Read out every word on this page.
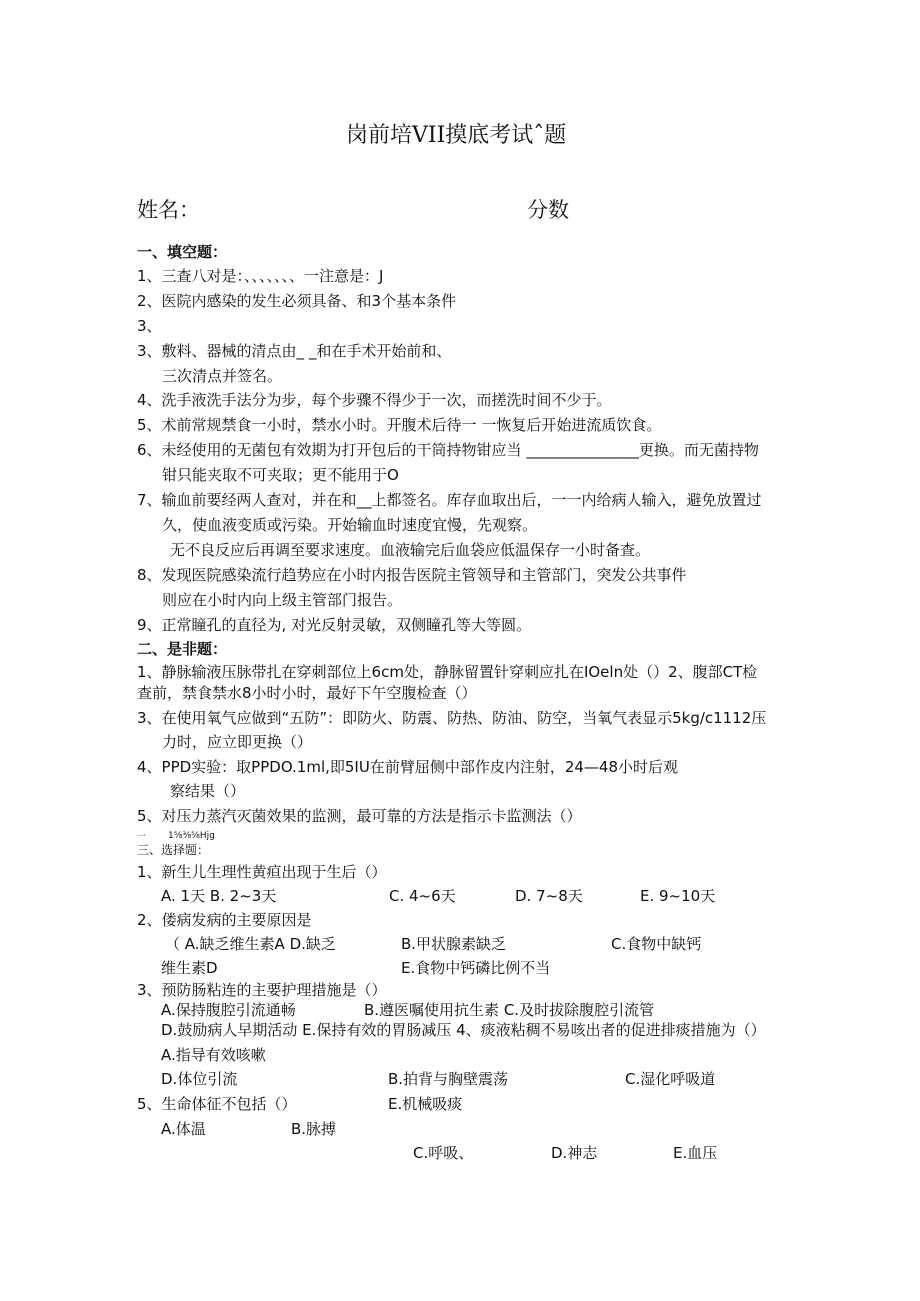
岗前培VII摸底考试ˆ题
姓名：	分数
一、填空题：
1、三查八对是：、、、、、、、一注意是：J
2、医院内感染的发生必须具备、和3个基本条件
3、
3、敷料、器械的清点由_ _和在手术开始前和、
三次清点并签名。
4、洗手液洗手法分为步，每个步骤不得少于一次，而搓洗时间不少于。
5、术前常规禁食一小时，禁水小时。开腹术后待一 一恢复后开始进流质饮食。
6、未经使用的无菌包有效期为打开包后的干筒持物钳应当 _______________更换。而无菌持物
钳只能夹取不可夹取；更不能用于O
7、输血前要经两人查对，并在和__上都签名。库存血取出后，一一内给病人输入，避免放置过
久，使血液变质或污染。开始输血时速度宜慢，先观察。
无不良反应后再调至要求速度。血液输完后血袋应低温保存一小时备查。
8、发现医院感染流行趋势应在小时内报告医院主管领导和主管部门，突发公共事件
则应在小时内向上级主管部门报告。
9、正常瞳孔的直径为, 对光反射灵敏，双侧瞳孔等大等圆。
二、是非题：
1、静脉输液压脉带扎在穿刺部位上6cm处，静脉留置针穿刺应扎在IOeln处（）2、腹部CT检
查前，禁食禁水8小时小时，最好下午空腹检查（）
3、在使用氧气应做到“五防”：即防火、防震、防热、防油、防空，当氧气表显示5kg∕c1112压
力时，应立即更换（）
4、PPD实验：取PPDO.1ml,即5IU在前臂屈侧中部作皮内注射，24—48小时后观
察结果（）
5、对压力蒸汽灭菌效果的监测，最可靠的方法是指示卡监测法（）
一 1⅝⅜⅝Hjg
三、选择题：
1、新生儿生理性黄疸出现于生后（）
A. 1天 B. 2~3天	C. 4~6天	D. 7~8天	E. 9~10天
2、偻病发病的主要原因是
（ A.缺乏维生素A D.缺乏	B.甲状腺素缺乏	C.食物中缺钙
维生素D	E.食物中钙磷比例不当
3、预防肠粘连的主要护理措施是（）
A.保持腹腔引流通畅	B.遵医嘱使用抗生素 C.及时拔除腹腔引流管
D.鼓励病人早期活动 E.保持有效的胃肠减压 4、痰液粘稠不易咳出者的促进排痰措施为（）
A.指导有效咳嗽
D.体位引流	B.拍背与胸壁震荡	C.湿化呼吸道
5、生命体征不包括（）	E.机械吸痰
A.体温	B.脉搏
C.呼吸、	D.神志	E.血压
